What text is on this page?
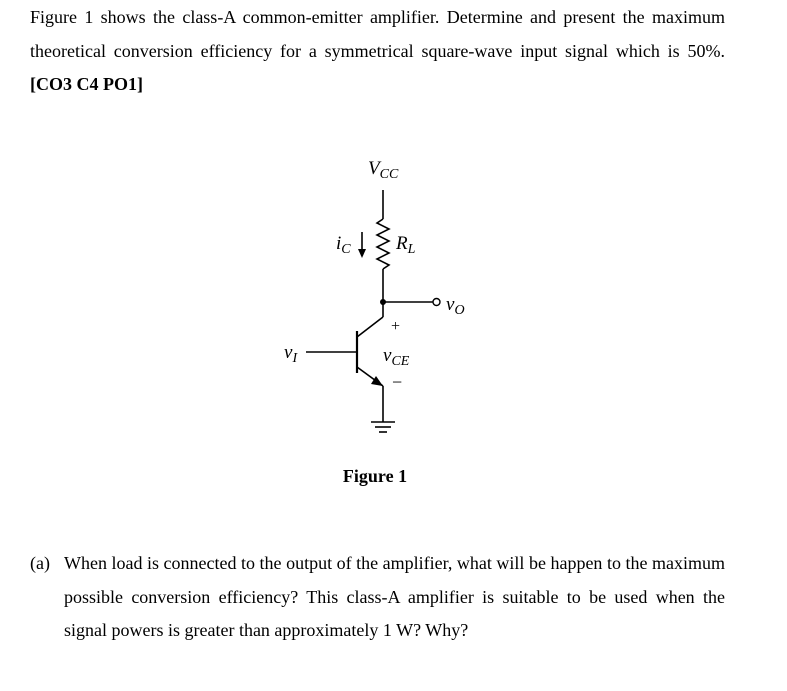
Figure 1 shows the class-A common-emitter amplifier. Determine and present the maximum theoretical conversion efficiency for a symmetrical square-wave input signal which is 50%. [CO3 C4 PO1]

$V_{CC}$
$i_C$ $R_L$
$v_O$
$v_I$	$v_{CE}$
+
−
Figure 1
(a) When load is connected to the output of the amplifier, what will be happen to the maximum possible conversion efficiency? This class-A amplifier is suitable to be used when the signal powers is greater than approximately 1 W? Why?
